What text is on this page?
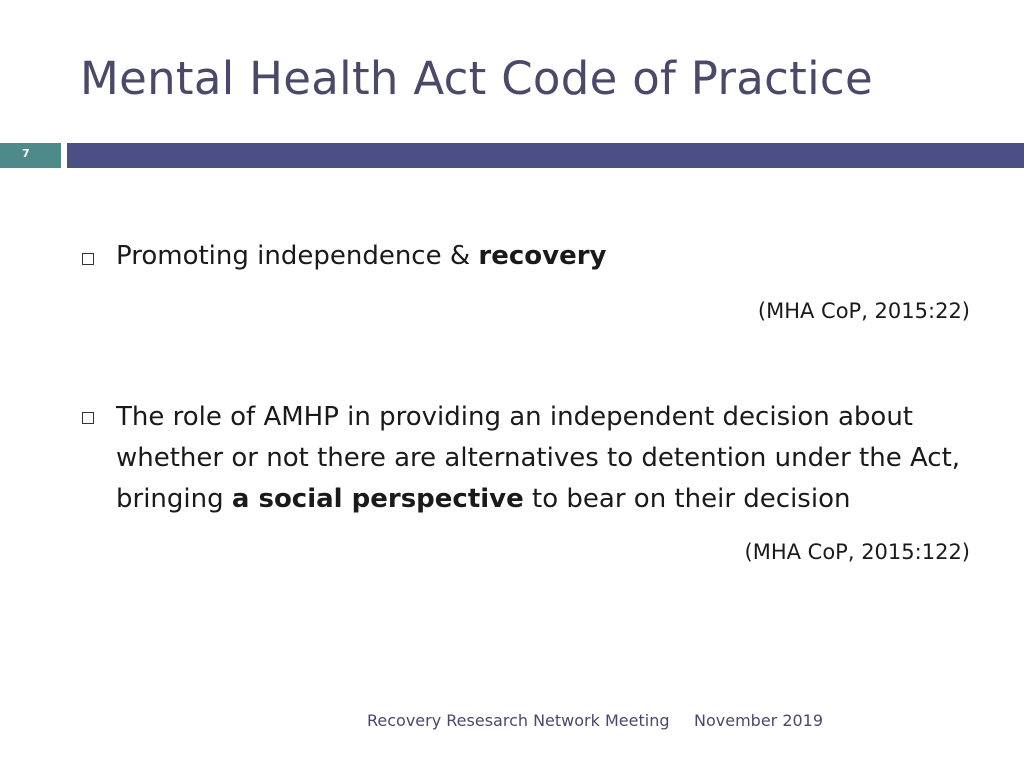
Mental Health Act Code of Practice
7
Promoting independence & recovery
(MHA CoP, 2015:22)
The role of AMHP in providing an independent decision about whether or not there are alternatives to detention under the Act, bringing a social perspective to bear on their decision
(MHA CoP, 2015:122)
Recovery Resesarch Network Meeting November 2019
